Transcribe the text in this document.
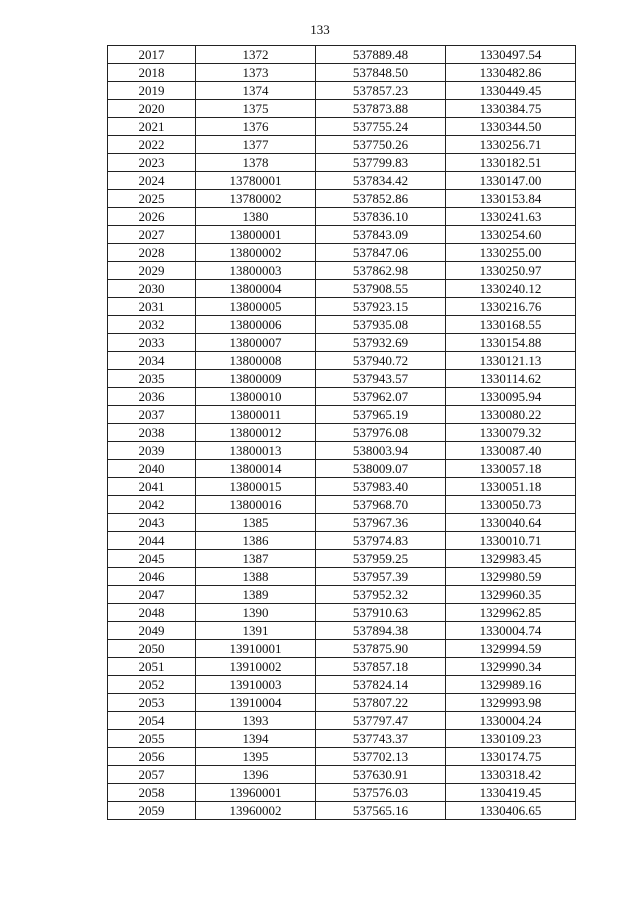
133
2017	1372	537889.48	1330497.54
2018	1373	537848.50	1330482.86
2019	1374	537857.23	1330449.45
2020	1375	537873.88	1330384.75
2021	1376	537755.24	1330344.50
2022	1377	537750.26	1330256.71
2023	1378	537799.83	1330182.51
2024	13780001	537834.42	1330147.00
2025	13780002	537852.86	1330153.84
2026	1380	537836.10	1330241.63
2027	13800001	537843.09	1330254.60
2028	13800002	537847.06	1330255.00
2029	13800003	537862.98	1330250.97
2030	13800004	537908.55	1330240.12
2031	13800005	537923.15	1330216.76
2032	13800006	537935.08	1330168.55
2033	13800007	537932.69	1330154.88
2034	13800008	537940.72	1330121.13
2035	13800009	537943.57	1330114.62
2036	13800010	537962.07	1330095.94
2037	13800011	537965.19	1330080.22
2038	13800012	537976.08	1330079.32
2039	13800013	538003.94	1330087.40
2040	13800014	538009.07	1330057.18
2041	13800015	537983.40	1330051.18
2042	13800016	537968.70	1330050.73
2043	1385	537967.36	1330040.64
2044	1386	537974.83	1330010.71
2045	1387	537959.25	1329983.45
2046	1388	537957.39	1329980.59
2047	1389	537952.32	1329960.35
2048	1390	537910.63	1329962.85
2049	1391	537894.38	1330004.74
2050	13910001	537875.90	1329994.59
2051	13910002	537857.18	1329990.34
2052	13910003	537824.14	1329989.16
2053	13910004	537807.22	1329993.98
2054	1393	537797.47	1330004.24
2055	1394	537743.37	1330109.23
2056	1395	537702.13	1330174.75
2057	1396	537630.91	1330318.42
2058	13960001	537576.03	1330419.45
2059	13960002	537565.16	1330406.65
